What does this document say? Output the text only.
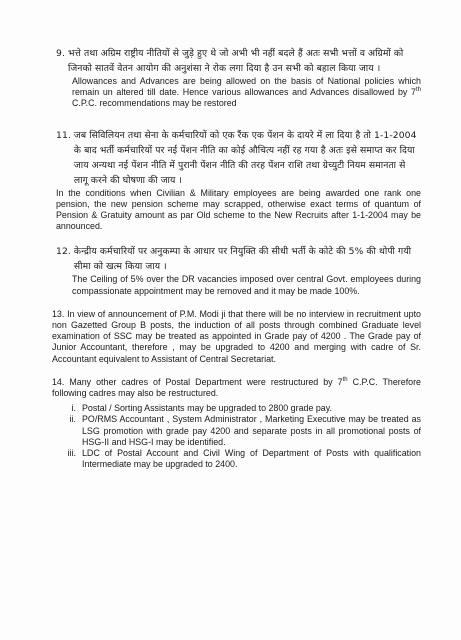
9. भत्ते तथा अग्रिम राष्ट्रीय नीतियों से जुड़े हुए थे जो अभी भी नहीं बदले हैं अतः सभी भत्तों व अग्रिमों को जिनको सातवें वेतन आयोग की अनुशंसा ने रोक लगा दिया है उन सभी को बहाल किया जाय ।
Allowances and Advances are being allowed on the basis of National policies which remain un altered till date. Hence various allowances and Advances disallowed by 7th C.P.C. recommendations may be restored
11. जब सिविलियन तथा सेना के कर्मचारियों को एक रैंक एक पेंशन के दायरे में ला दिया है तो 1-1-2004 के बाद भर्ती कर्मचारियों पर नई पेंशन नीति का कोई औचित्य नहीं रह गया है अतः इसे समाप्त कर दिया जाय अन्यथा नई पेंशन नीति में पुरानी पेंशन नीति की तरह पेंशन राशि तथा ग्रेच्युटी नियम समानता से लागू करने की घोषणा की जाय ।
In the conditions when Civilian & Military employees are being awarded one rank one pension, the new pension scheme may scrapped, otherwise exact terms of quantum of Pension & Gratuity amount as par Old scheme to the New Recruits after 1-1-2004 may be announced.
12. केन्द्रीय कर्मचारियों पर अनुकम्पा के आधार पर नियुक्ति की सीधी भर्ती के कोटे की 5% की थोपी गयी सीमा को खत्म किया जाय ।
The Ceiling of 5% over the DR vacancies imposed over central Govt. employees during compassionate appointment may be removed and it may be made 100%.
13. In view of announcement of P.M. Modi ji that there will be no interview in recruitment upto non Gazetted Group B posts, the induction of all posts through combined Graduate level examination of SSC may be treated as appointed in Grade pay of 4200 . The Grade pay of Junior Accountant, therefore , may be upgraded to 4200 and merging with cadre of Sr. Accountant equivalent to Assistant of Central Secretariat.
14. Many other cadres of Postal Department were restructured by 7th C.P.C. Therefore following cadres may also be restructured.
i. Postal / Sorting Assistants may be upgraded to 2800 grade pay.
ii. PO/RMS Accountant , System Administrator , Marketing Executive may be treated as LSG promotion with grade pay 4200 and separate posts in all promotional posts of HSG-II and HSG-I may be identified.
iii. LDC of Postal Account and Civil Wing of Department of Posts with qualification Intermediate may be upgraded to 2400.
